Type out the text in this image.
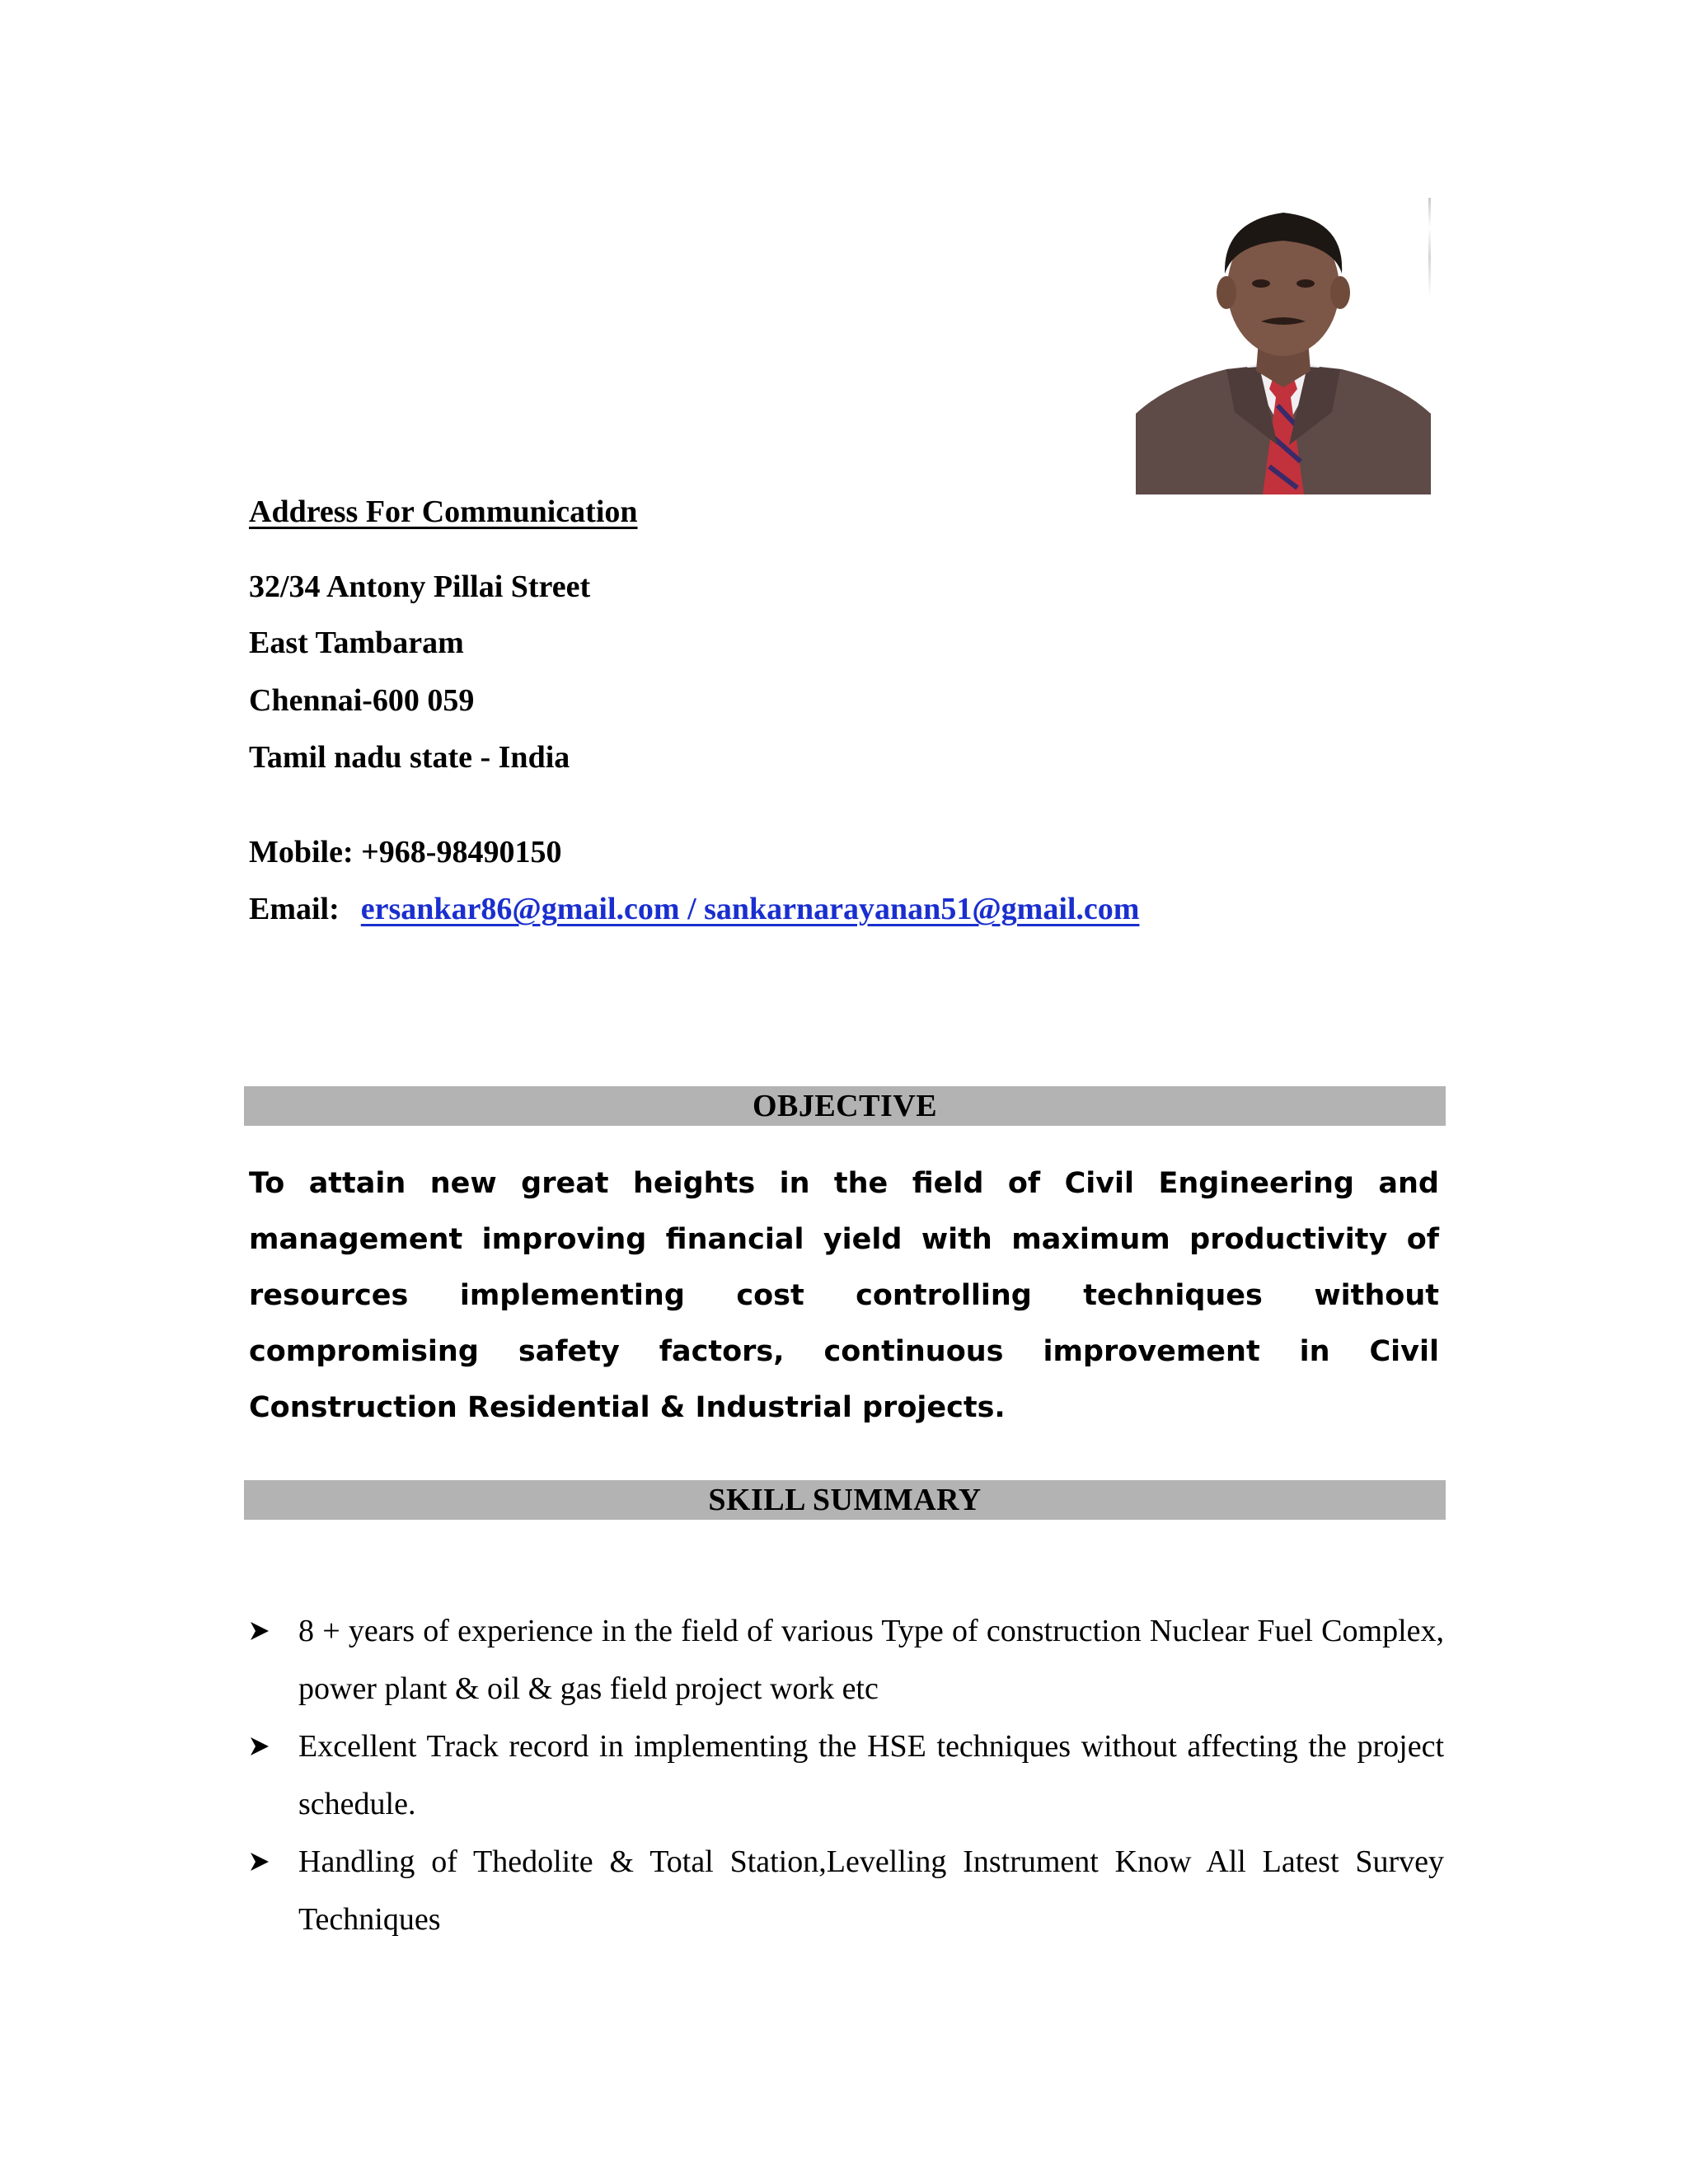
Address For Communication
32/34 Antony Pillai Street
East Tambaram
Chennai-600 059
Tamil nadu state - India
Mobile: +968-98490150
Email: ersankar86@gmail.com / sankarnarayanan51@gmail.com
OBJECTIVE
To attain new great heights in the field of Civil Engineering and management improving financial yield with maximum productivity of resources implementing cost controlling techniques without compromising safety factors, continuous improvement in Civil Construction Residential & Industrial projects.
SKILL SUMMARY
8 + years of experience in the field of various Type of construction Nuclear Fuel Complex, power plant & oil & gas field project work etc
Excellent Track record in implementing the HSE techniques without affecting the project schedule.
Handling of Thedolite & Total Station,Levelling Instrument Know All Latest Survey Techniques
